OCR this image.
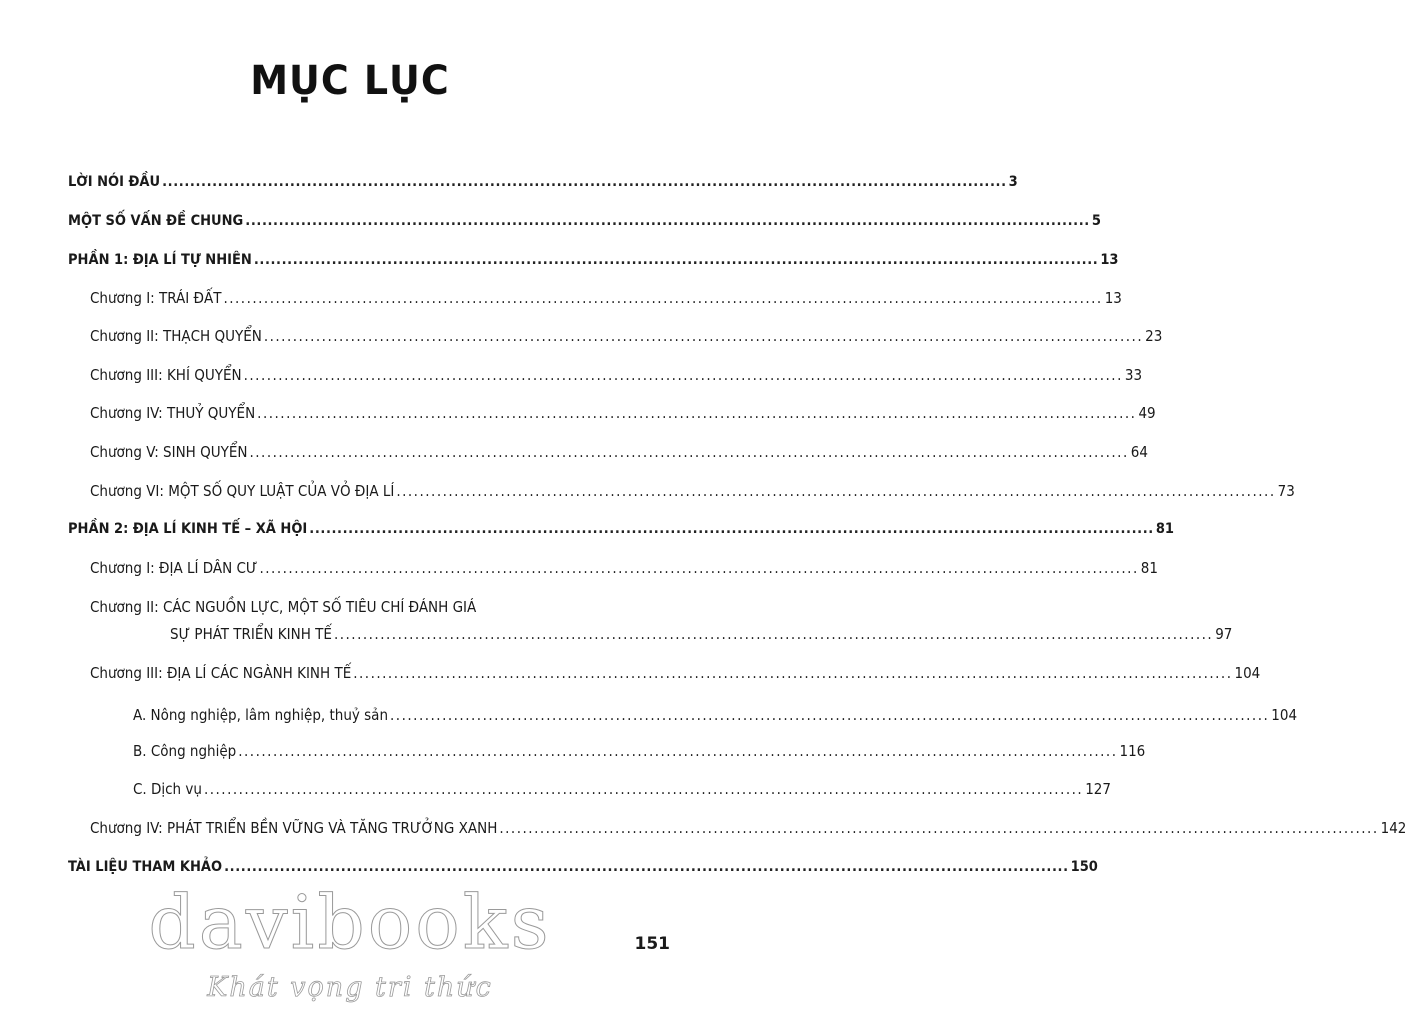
MỤC LỤC
LỜI NÓI ĐẦU ........................................................................................................................................................ 3
MỘT SỐ VẤN ĐỀ CHUNG ........................................................................................................................................................ 5
PHẦN 1: ĐỊA LÍ TỰ NHIÊN ........................................................................................................................................................ 13
Chương I: TRÁI ĐẤT ........................................................................................................................................................ 13
Chương II: THẠCH QUYỂN ........................................................................................................................................................ 23
Chương III: KHÍ QUYỂN ........................................................................................................................................................ 33
Chương IV: THUỶ QUYỂN ........................................................................................................................................................ 49
Chương V: SINH QUYỂN ........................................................................................................................................................ 64
Chương VI: MỘT SỐ QUY LUẬT CỦA VỎ ĐỊA LÍ ........................................................................................................................................................ 73
PHẦN 2: ĐỊA LÍ KINH TẾ – XÃ HỘI ........................................................................................................................................................ 81
Chương I: ĐỊA LÍ DÂN CƯ ........................................................................................................................................................ 81
Chương II: CÁC NGUỒN LỰC, MỘT SỐ TIÊU CHÍ ĐÁNH GIÁ
SỰ PHÁT TRIỂN KINH TẾ ........................................................................................................................................................ 97
Chương III: ĐỊA LÍ CÁC NGÀNH KINH TẾ ........................................................................................................................................................ 104
A. Nông nghiệp, lâm nghiệp, thuỷ sản ........................................................................................................................................................ 104
B. Công nghiệp ........................................................................................................................................................ 116
C. Dịch vụ ........................................................................................................................................................ 127
Chương IV: PHÁT TRIỂN BỀN VỮNG VÀ TĂNG TRƯỞNG XANH ........................................................................................................................................................ 142
TÀI LIỆU THAM KHẢO ........................................................................................................................................................ 150
davibooks
Khát vọng tri thức
151
